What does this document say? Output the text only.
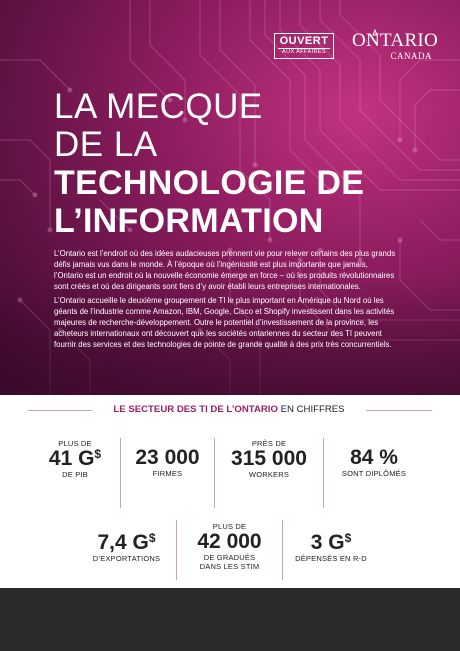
OUVERT
AUX AFFAIRES
ONTARIO
CANADA
LA MECQUE
DE LA
TECHNOLOGIE DE
L’INFORMATION

L’Ontario est l’endroit où des idées audacieuses prennent vie pour relever certains des plus grands défis jamais vus dans le monde. À l’époque où l’ingéniosité est plus importante que jamais, l’Ontario est un endroit où la nouvelle économie émerge en force – où les produits révolutionnaires sont créés et où des dirigeants sont fiers d’y avoir établi leurs entreprises internationales.

L’Ontario accueille le deuxième groupement de TI le plus important en Amérique du Nord où les géants de l’industrie comme Amazon, IBM, Google, Cisco et Shopify investissent dans les activités majeures de recherche-développement. Outre le potentiel d’investissement de la province, les acheteurs internationaux ont découvert que les sociétés ontariennes du secteur des TI peuvent fournir des services et des technologies de pointe de grande qualité à des prix très concurrentiels.

LE SECTEUR DES TI DE L’ONTARIO EN CHIFFRES
PLUS DE
41 G$
DE PIB
23 000
FIRMES
PRÈS DE
315 000
WORKERS
84 %
SONT DIPLÔMÉS
7,4 G$
D’EXPORTATIONS
PLUS DE
42 000
DE GRADUÉS
DANS LES STIM
3 G$
DÉPENSÉS EN R-D
